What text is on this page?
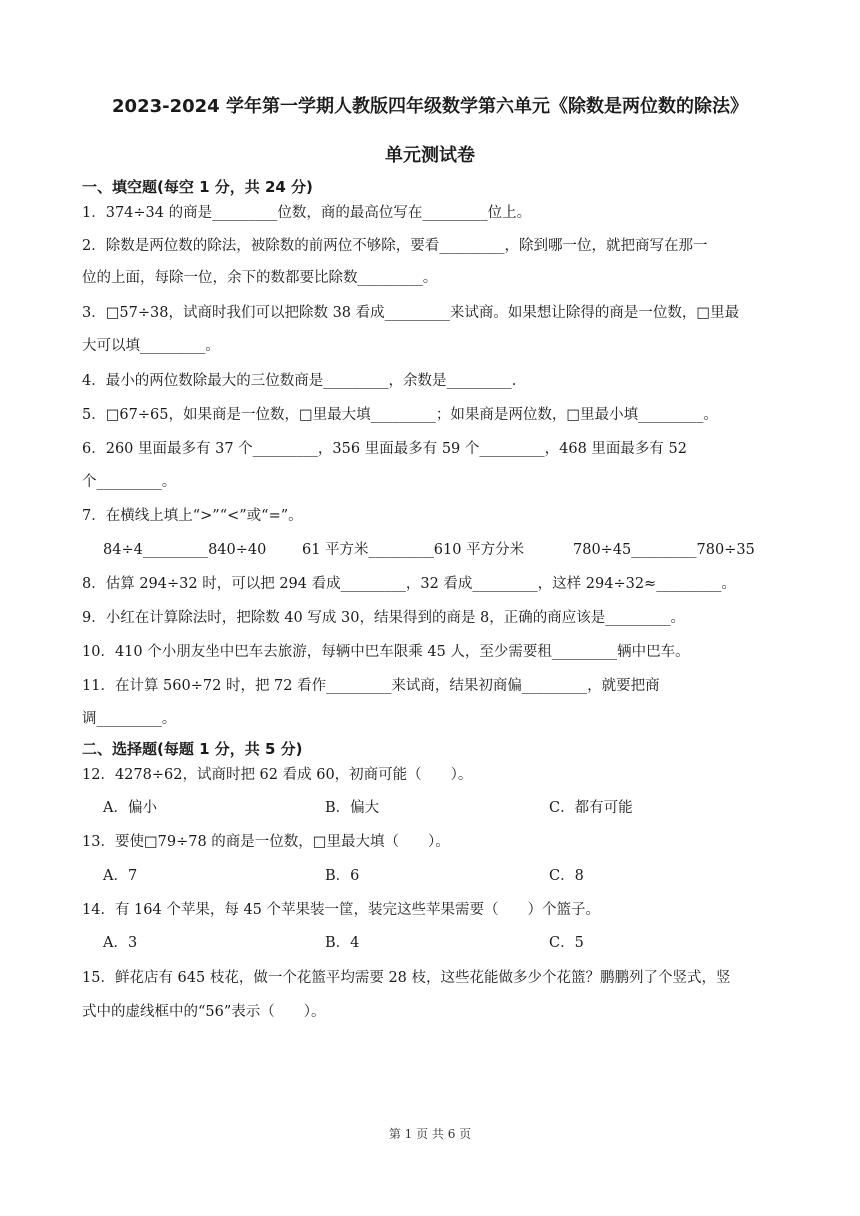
2023-2024 学年第一学期人教版四年级数学第六单元《除数是两位数的除法》
单元测试卷
一、填空题(每空 1 分，共 24 分)
1．374÷34 的商是_________位数，商的最高位写在_________位上。
2．除数是两位数的除法，被除数的前两位不够除，要看_________，除到哪一位，就把商写在那一
位的上面，每除一位，余下的数都要比除数_________。
3．□57÷38，试商时我们可以把除数 38 看成_________来试商。如果想让除得的商是一位数，□里最
大可以填_________。
4．最小的两位数除最大的三位数商是_________，余数是_________.
5．□67÷65，如果商是一位数，□里最大填_________；如果商是两位数，□里最小填_________。
6．260 里面最多有 37 个_________，356 里面最多有 59 个_________，468 里面最多有 52
个_________。
7．在横线上填上“>”“<”或“=”。
84÷4_________840÷40 61 平方米_________610 平方分米	780÷45_________780÷35
8．估算 294÷32 时，可以把 294 看成_________，32 看成_________，这样 294÷32≈_________。
9．小红在计算除法时，把除数 40 写成 30，结果得到的商是 8，正确的商应该是_________。
10．410 个小朋友坐中巴车去旅游，每辆中巴车限乘 45 人，至少需要租_________辆中巴车。
11．在计算 560÷72 时，把 72 看作_________来试商，结果初商偏_________，就要把商
调_________。
二、选择题(每题 1 分，共 5 分)
12．4278÷62，试商时把 62 看成 60，初商可能（　　）。
A．偏小	B．偏大	C．都有可能
13．要使□79÷78 的商是一位数，□里最大填（　　）。
A．7	B．6	C．8
14．有 164 个苹果，每 45 个苹果装一筐，装完这些苹果需要（　　）个篮子。
A．3	B．4	C．5
15．鲜花店有 645 枝花，做一个花篮平均需要 28 枝，这些花能做多少个花篮？鹏鹏列了个竖式，竖
式中的虚线框中的“56”表示（　　）。
第 1 页 共 6 页
